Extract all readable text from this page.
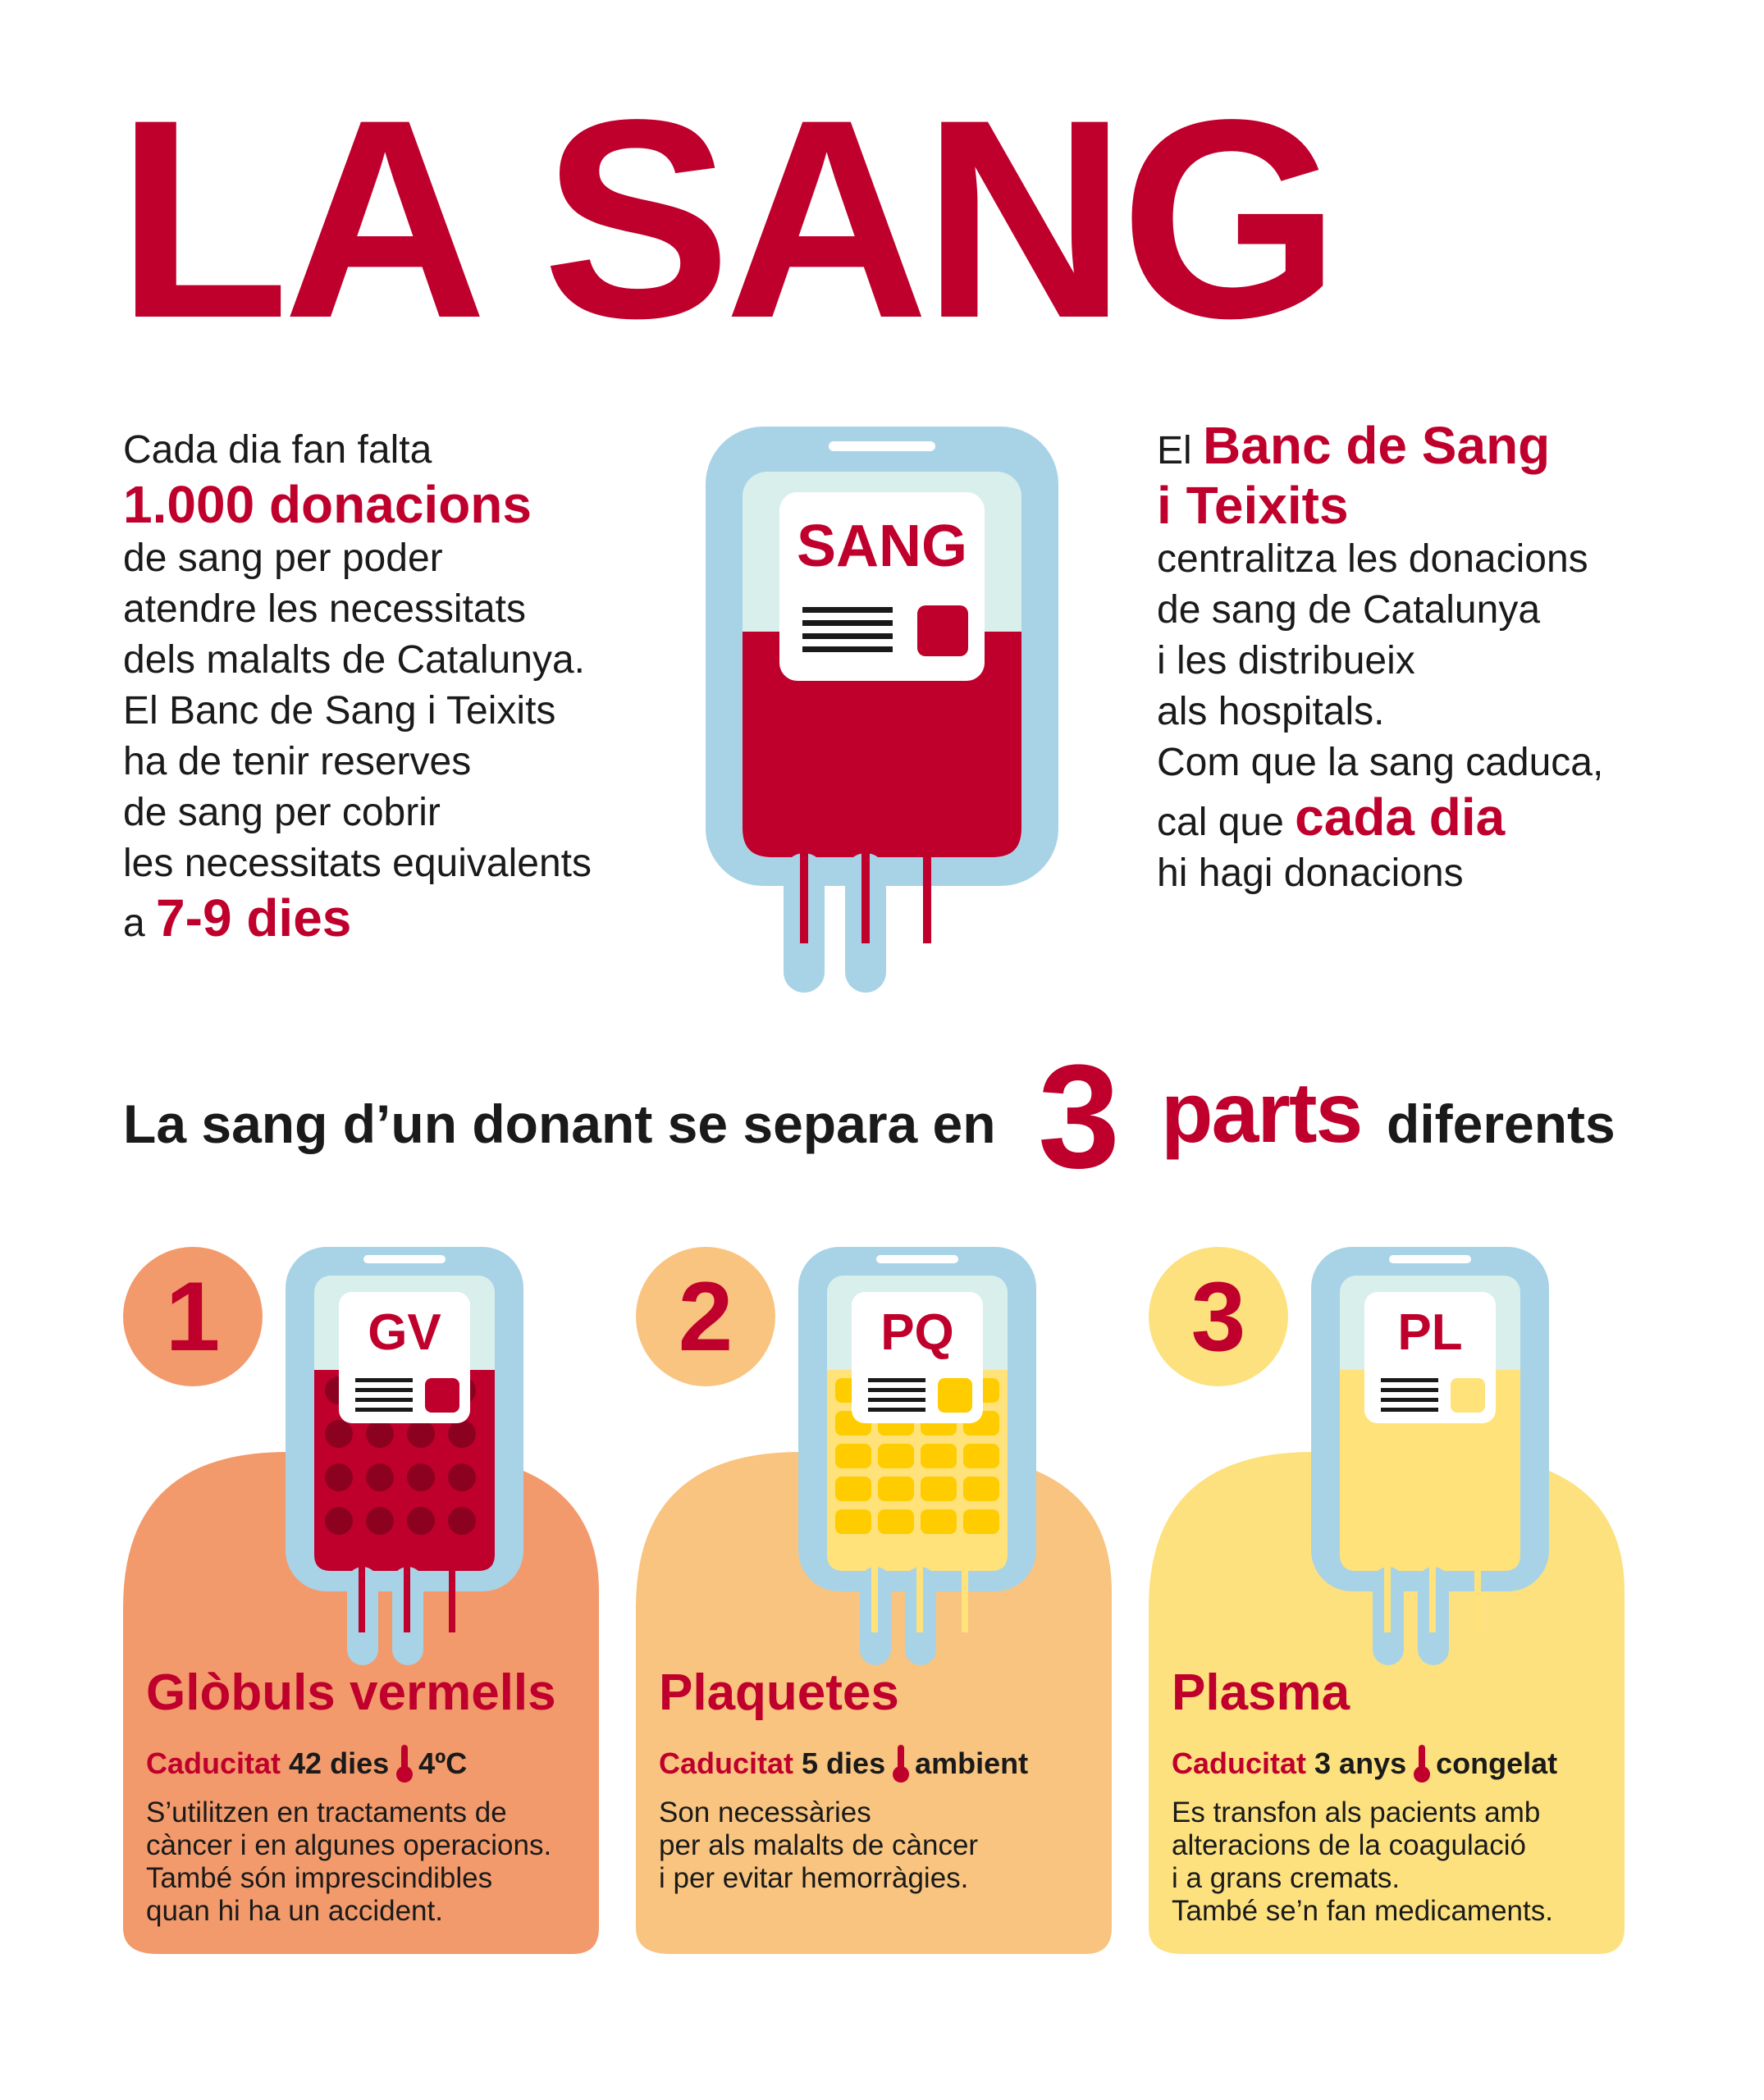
LA SANG
Cada dia fan falta
1.000 donacions
de sang per poder
atendre les necessitats
dels malalts de Catalunya.
El Banc de Sang i Teixits
ha de tenir reserves
de sang per cobrir
les necessitats equivalents
a 7-9 dies
SANG
El Banc de Sang
i Teixits
centralitza les donacions
de sang de Catalunya
i les distribueix
als hospitals.
Com que la sang caduca,
cal que cada dia
hi hagi donacions
La sang d’un donant se separa en 3 parts diferents
1	GV
Glòbuls vermells
Caducitat 42 dies 4ºC
S’utilitzen en tractaments de
càncer i en algunes operacions.
També són imprescindibles
quan hi ha un accident.
2	PQ
Plaquetes
Caducitat 5 dies ambient
Son necessàries
per als malalts de càncer
i per evitar hemorràgies.
3	PL
Plasma
Caducitat 3 anys congelat
Es transfon als pacients amb
alteracions de la coagulació
i a grans cremats.
També se’n fan medicaments.
